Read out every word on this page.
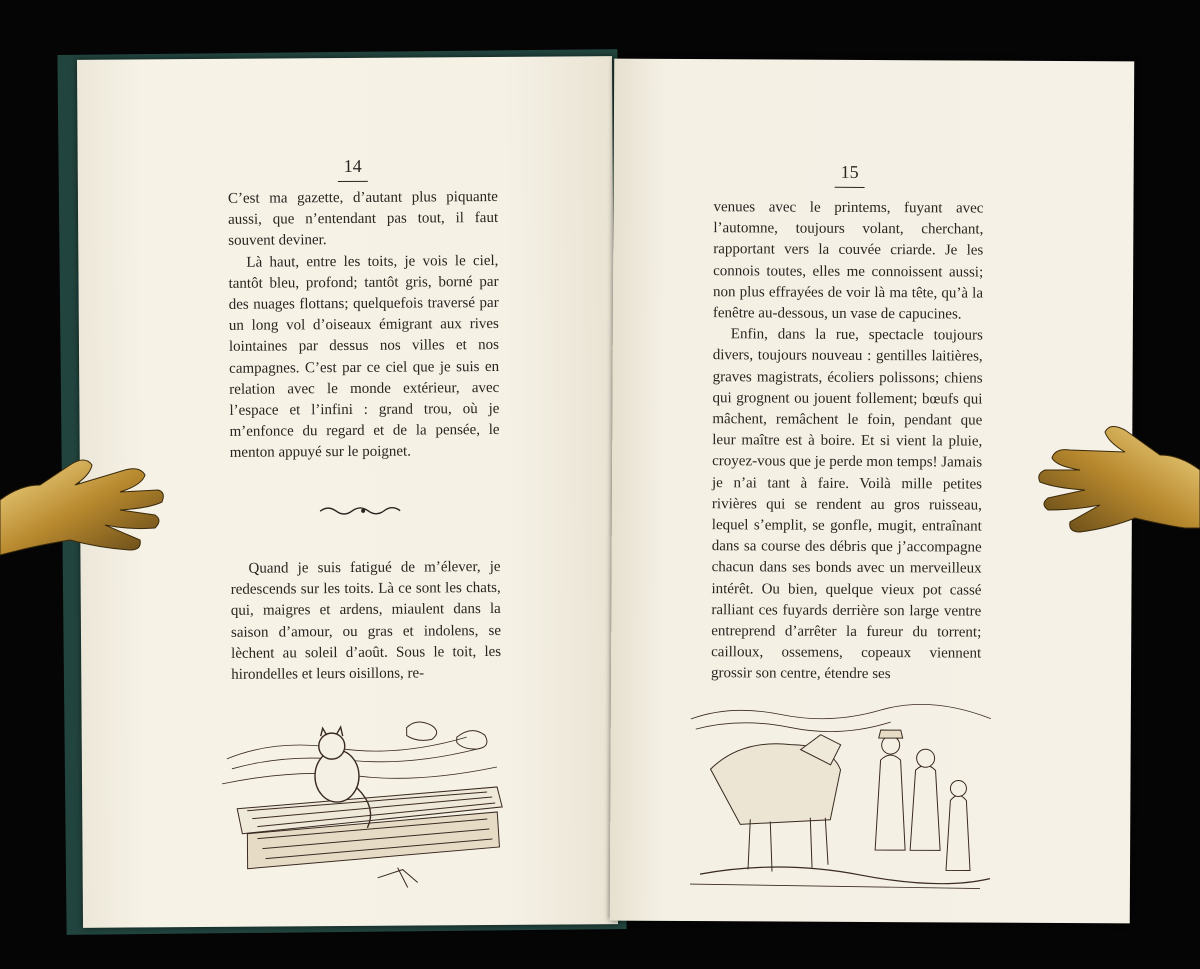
14

C’est ma gazette, d’autant plus piquante aussi, que n’entendant pas tout, il faut souvent deviner.

Là haut, entre les toits, je vois le ciel, tantôt bleu, profond; tantôt gris, borné par des nuages flottans; quelquefois traversé par un long vol d’oiseaux émigrant aux rives lointaines par dessus nos villes et nos campagnes. C’est par ce ciel que je suis en relation avec le monde extérieur, avec l’espace et l’infini : grand trou, où je m’enfonce du regard et de la pensée, le menton appuyé sur le poignet.

Quand je suis fatigué de m’élever, je redescends sur les toits. Là ce sont les chats, qui, maigres et ardens, miaulent dans la saison d’amour, ou gras et indolens, se lèchent au soleil d’août. Sous le toit, les hirondelles et leurs oisillons, re-

15

venues avec le printems, fuyant avec l’automne, toujours volant, cherchant, rapportant vers la couvée criarde. Je les connois toutes, elles me connoissent aussi; non plus effrayées de voir là ma tête, qu’à la fenêtre au-dessous, un vase de capucines.

Enfin, dans la rue, spectacle toujours divers, toujours nouveau : gentilles laitières, graves magistrats, écoliers polissons; chiens qui grognent ou jouent follement; bœufs qui mâchent, remâchent le foin, pendant que leur maître est à boire. Et si vient la pluie, croyez-vous que je perde mon temps! Jamais je n’ai tant à faire. Voilà mille petites rivières qui se rendent au gros ruisseau, lequel s’emplit, se gonfle, mugit, entraînant dans sa course des débris que j’accompagne chacun dans ses bonds avec un merveilleux intérêt. Ou bien, quelque vieux pot cassé ralliant ces fuyards derrière son large ventre entreprend d’arrêter la fureur du torrent; cailloux, ossemens, copeaux viennent grossir son centre, étendre ses
